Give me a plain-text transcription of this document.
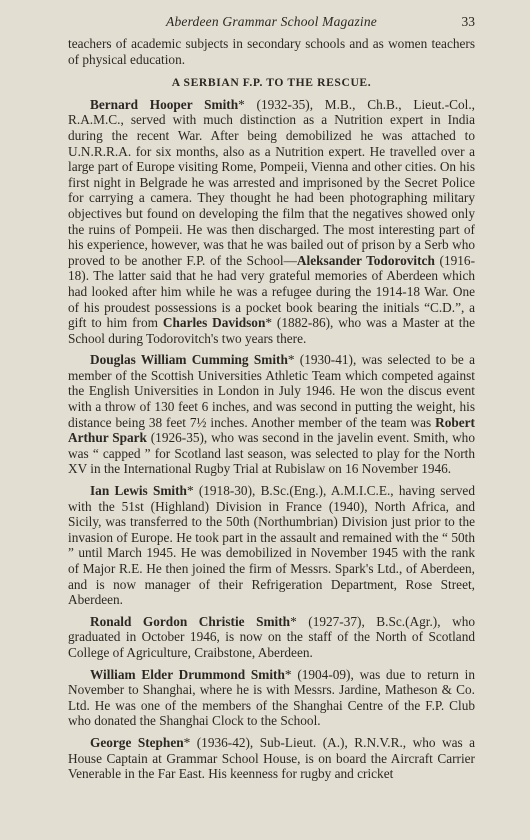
Aberdeen Grammar School Magazine	33

teachers of academic subjects in secondary schools and as women teachers of physical education.

A SERBIAN F.P. TO THE RESCUE.

Bernard Hooper Smith* (1932-35), M.B., Ch.B., Lieut.-Col., R.A.M.C., served with much distinction as a Nutrition expert in India during the recent War. After being demobilized he was attached to U.N.R.R.A. for six months, also as a Nutrition expert. He travelled over a large part of Europe visiting Rome, Pompeii, Vienna and other cities. On his first night in Belgrade he was arrested and imprisoned by the Secret Police for carrying a camera. They thought he had been photographing military objectives but found on developing the film that the negatives showed only the ruins of Pompeii. He was then discharged. The most interesting part of his experience, however, was that he was bailed out of prison by a Serb who proved to be another F.P. of the School—Aleksander Todorovitch (1916-18). The latter said that he had very grateful memories of Aberdeen which had looked after him while he was a refugee during the 1914-18 War. One of his proudest possessions is a pocket book bearing the initials “C.D.”, a gift to him from Charles Davidson* (1882-86), who was a Master at the School during Todorovitch's two years there.

Douglas William Cumming Smith* (1930-41), was selected to be a member of the Scottish Universities Athletic Team which competed against the English Universities in London in July 1946. He won the discus event with a throw of 130 feet 6 inches, and was second in putting the weight, his distance being 38 feet 7½ inches. Another member of the team was Robert Arthur Spark (1926-35), who was second in the javelin event. Smith, who was “ capped ” for Scotland last season, was selected to play for the North XV in the International Rugby Trial at Rubislaw on 16 November 1946.

Ian Lewis Smith* (1918-30), B.Sc.(Eng.), A.M.I.C.E., having served with the 51st (Highland) Division in France (1940), North Africa, and Sicily, was transferred to the 50th (Northumbrian) Division just prior to the invasion of Europe. He took part in the assault and remained with the “ 50th ” until March 1945. He was demobilized in November 1945 with the rank of Major R.E. He then joined the firm of Messrs. Spark's Ltd., of Aberdeen, and is now manager of their Refrigeration Department, Rose Street, Aberdeen.

Ronald Gordon Christie Smith* (1927-37), B.Sc.(Agr.), who graduated in October 1946, is now on the staff of the North of Scotland College of Agriculture, Craibstone, Aberdeen.

William Elder Drummond Smith* (1904-09), was due to return in November to Shanghai, where he is with Messrs. Jardine, Matheson & Co. Ltd. He was one of the members of the Shanghai Centre of the F.P. Club who donated the Shanghai Clock to the School.

George Stephen* (1936-42), Sub-Lieut. (A.), R.N.V.R., who was a House Captain at Grammar School House, is on board the Aircraft Carrier Venerable in the Far East. His keenness for rugby and cricket
